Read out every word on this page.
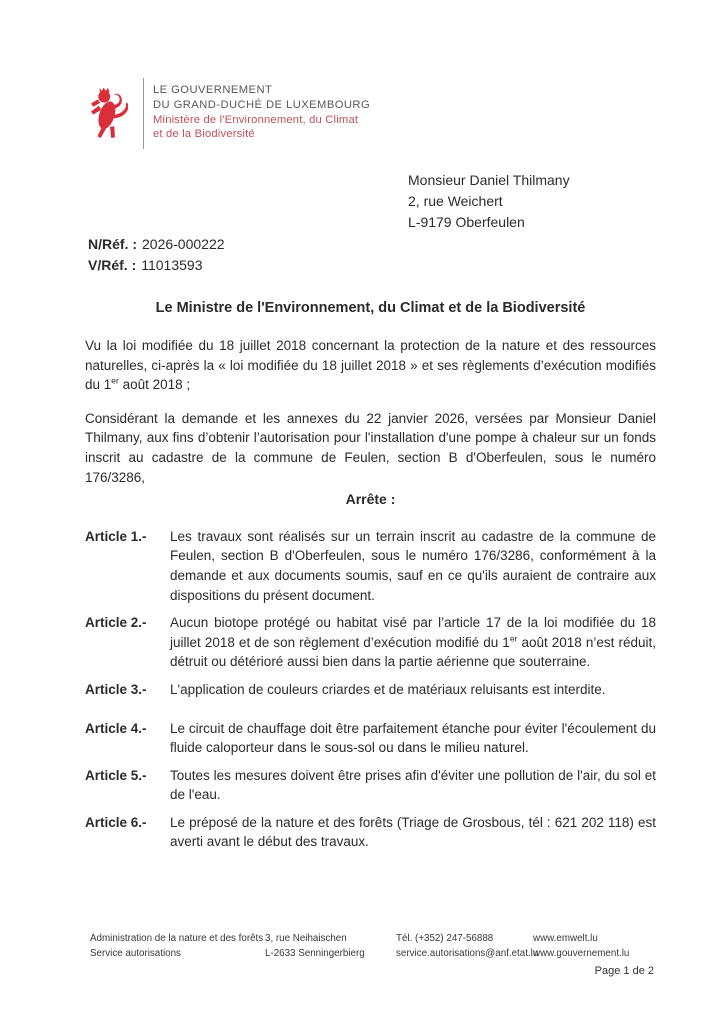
LE GOUVERNEMENT
DU GRAND-DUCHÉ DE LUXEMBOURG
Ministère de l'Environnement, du Climat
et de la Biodiversité
Monsieur Daniel Thilmany
2, rue Weichert
L-9179 Oberfeulen
N/Réf. : 2026-000222
V/Réf. : 11013593
Le Ministre de l'Environnement, du Climat et de la Biodiversité

Vu la loi modifiée du 18 juillet 2018 concernant la protection de la nature et des ressources naturelles, ci-après la « loi modifiée du 18 juillet 2018 » et ses règlements d’exécution modifiés du 1er août 2018 ;

Considérant la demande et les annexes du 22 janvier 2026, versées par Monsieur Daniel Thilmany, aux fins d’obtenir l’autorisation pour l'installation d'une pompe à chaleur sur un fonds inscrit au cadastre de la commune de Feulen, section B d'Oberfeulen, sous le numéro 176/3286,

Arrête :
Article 1.-	Les travaux sont réalisés sur un terrain inscrit au cadastre de la commune de Feulen, section B d'Oberfeulen, sous le numéro 176/3286, conformément à la demande et aux documents soumis, sauf en ce qu'ils auraient de contraire aux dispositions du présent document.
Article 2.-	Aucun biotope protégé ou habitat visé par l’article 17 de la loi modifiée du 18 juillet 2018 et de son règlement d’exécution modifié du 1er août 2018 n’est réduit, détruit ou détérioré aussi bien dans la partie aérienne que souterraine.
Article 3.-	L'application de couleurs criardes et de matériaux reluisants est interdite.
Article 4.-	Le circuit de chauffage doit être parfaitement étanche pour éviter l'écoulement du fluide caloporteur dans le sous-sol ou dans le milieu naturel.
Article 5.-	Toutes les mesures doivent être prises afin d'éviter une pollution de l'air, du sol et de l'eau.
Article 6.-	Le préposé de la nature et des forêts (Triage de Grosbous, tél : 621 202 118) est averti avant le début des travaux.
Administration de la nature et des forêts
Service autorisations
3, rue Neihaischen
L-2633 Senningerbierg
Tél. (+352) 247-56888
service.autorisations@anf.etat.lu
www.emwelt.lu
www.gouvernement.lu
Page 1 de 2
